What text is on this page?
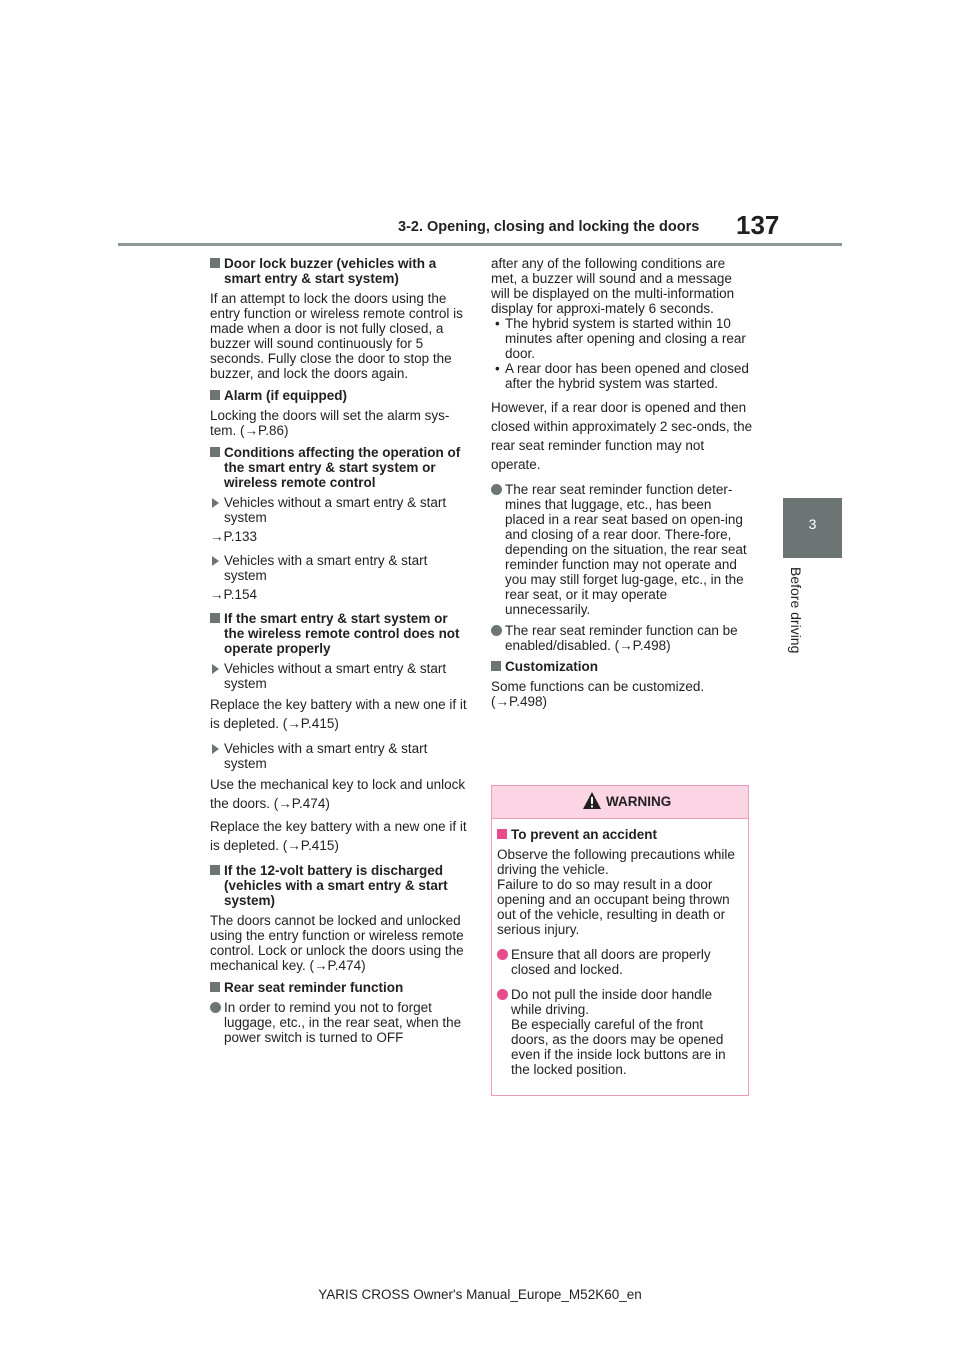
3-2. Opening, closing and locking the doors 137
3
Before driving
Door lock buzzer (vehicles with a smart entry & start system)

If an attempt to lock the doors using the entry function or wireless remote control is made when a door is not fully closed, a buzzer will sound continuously for 5 seconds. Fully close the door to stop the buzzer, and lock the doors again.

Alarm (if equipped)

Locking the doors will set the alarm sys-tem. (→P.86)

Conditions affecting the operation of the smart entry & start system or wireless remote control
Vehicles without a smart entry & start system

→P.133

Vehicles with a smart entry & start system

→P.154

If the smart entry & start system or the wireless remote control does not operate properly
Vehicles without a smart entry & start system

Replace the key battery with a new one if it is depleted. (→P.415)

Vehicles with a smart entry & start system

Use the mechanical key to lock and unlock the doors. (→P.474)

Replace the key battery with a new one if it is depleted. (→P.415)

If the 12-volt battery is discharged (vehicles with a smart entry & start system)

The doors cannot be locked and unlocked using the entry function or wireless remote control. Lock or unlock the doors using the mechanical key. (→P.474)

Rear seat reminder function
In order to remind you not to forget luggage, etc., in the rear seat, when the power switch is turned to OFF

after any of the following conditions are met, a buzzer will sound and a message will be displayed on the multi-information display for approxi-mately 6 seconds.

• The hybrid system is started within 10 minutes after opening and closing a rear door.
• A rear door has been opened and closed after the hybrid system was started.

However, if a rear door is opened and then closed within approximately 2 sec-onds, the rear seat reminder function may not operate.

The rear seat reminder function deter-mines that luggage, etc., has been placed in a rear seat based on open-ing and closing of a rear door. There-fore, depending on the situation, the rear seat reminder function may not operate and you may still forget lug-gage, etc., in the rear seat, or it may operate unnecessarily.
The rear seat reminder function can be enabled/disabled. (→P.498)
Customization

Some functions can be customized. (→P.498)

WARNING
To prevent an accident

Observe the following precautions while driving the vehicle.
Failure to do so may result in a door opening and an occupant being thrown out of the vehicle, resulting in death or serious injury.

Ensure that all doors are properly closed and locked.
Do not pull the inside door handle while driving.
Be especially careful of the front doors, as the doors may be opened even if the inside lock buttons are in the locked position.
YARIS CROSS Owner's Manual_Europe_M52K60_en
